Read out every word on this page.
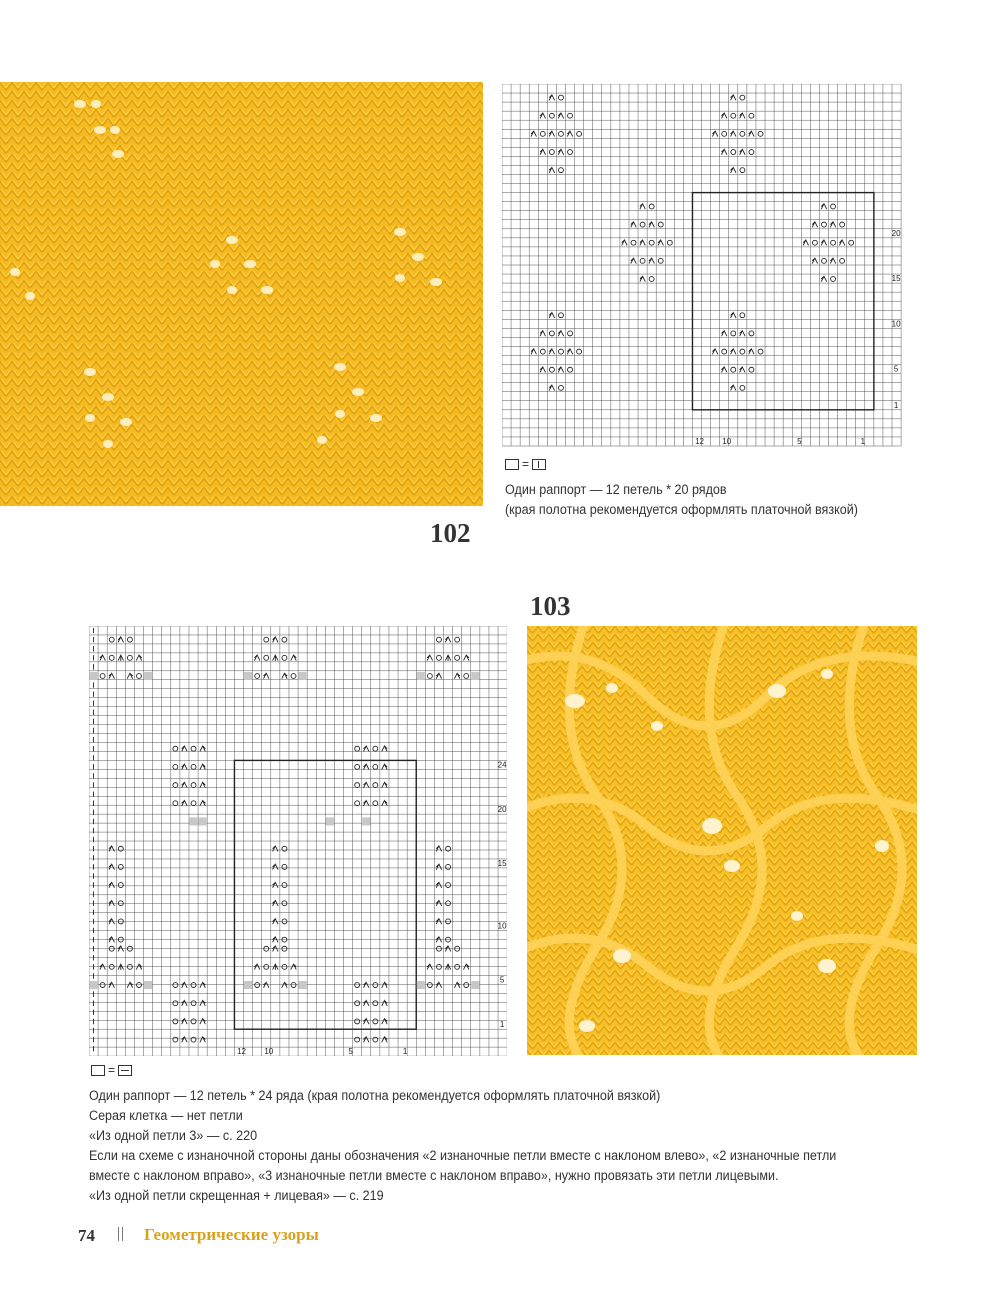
1
5
10
15
20
12 10	5	1
=
Один раппорт — 12 петель * 20 рядов
(края полотна рекомендуется оформлять платочной вязкой)
102
103
1
5
10
15
20
24
12 10	5	1
=
Один раппорт — 12 петель * 24 ряда (края полотна рекомендуется оформлять платочной вязкой)
Серая клетка — нет петли
«Из одной петли 3» — с. 220
Если на схеме с изнаночной стороны даны обозначения «2 изнаночные петли вместе с наклоном влево», «2 изнаночные петли
вместе с наклоном вправо», «3 изнаночные петли вместе с наклоном вправо», нужно провязать эти петли лицевыми.
«Из одной петли скрещенная + лицевая» — с. 219
74	Геометрические узоры
